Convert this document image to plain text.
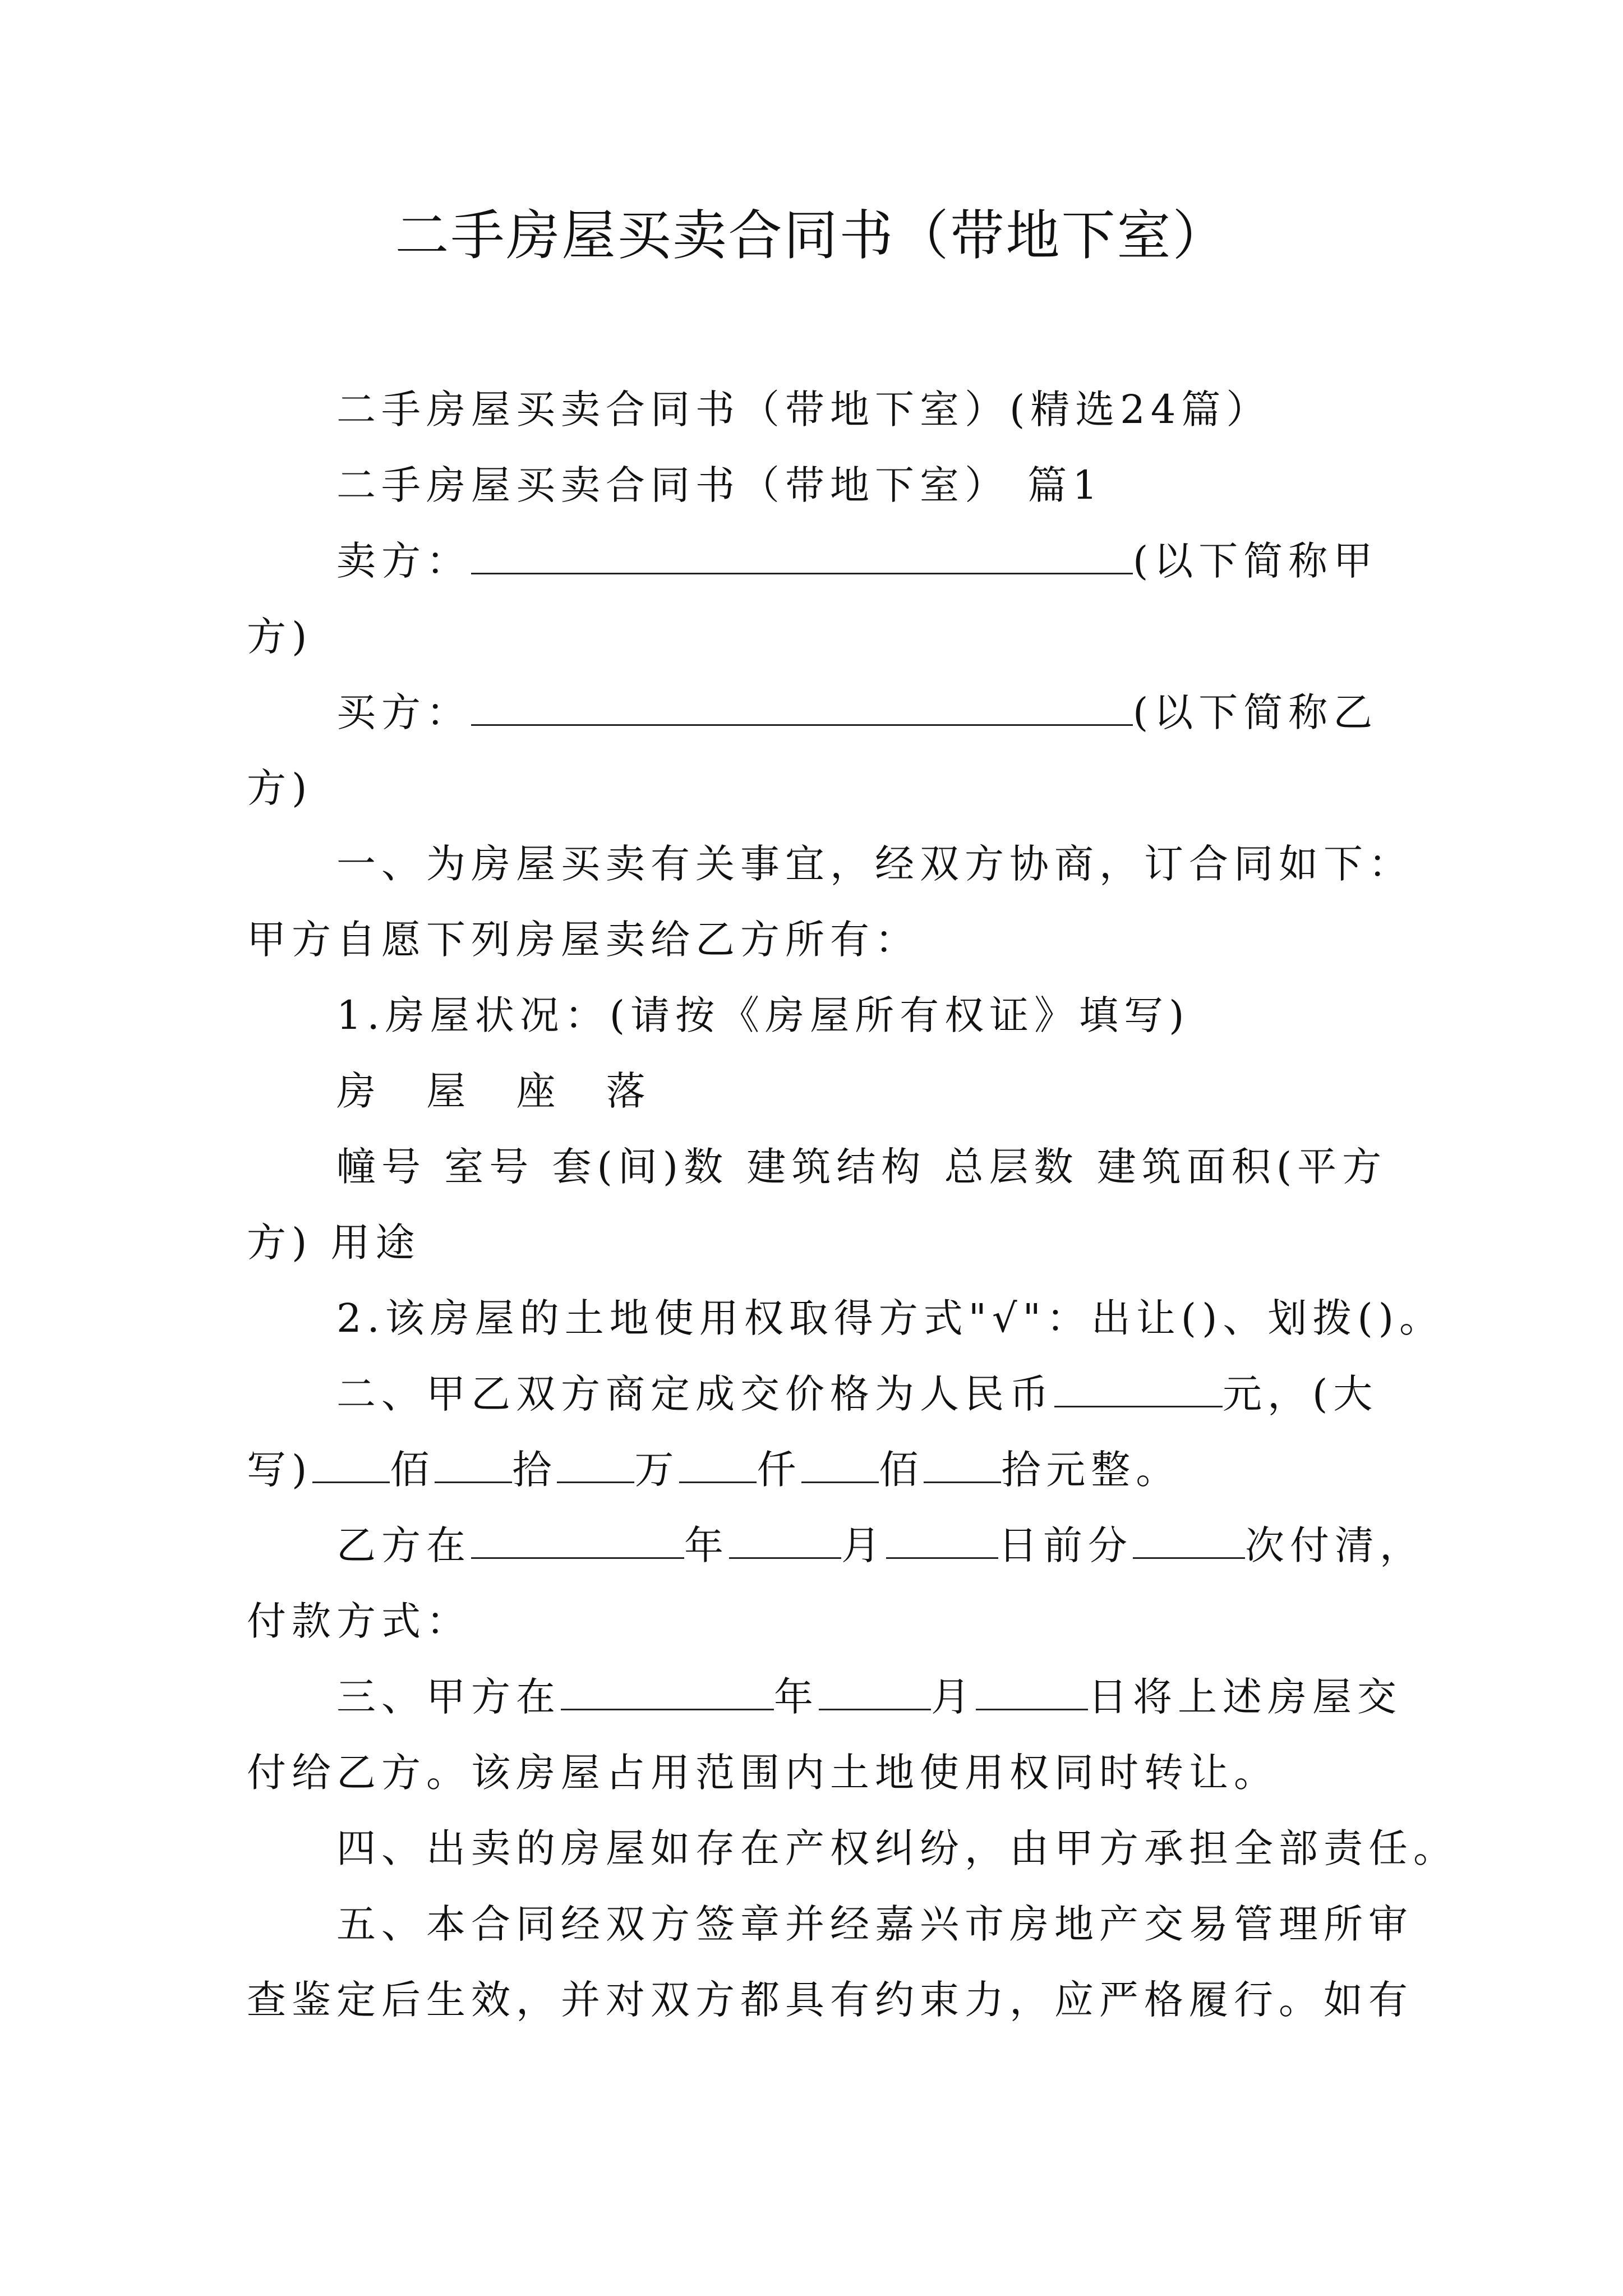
二手房屋买卖合同书（带地下室）
二手房屋买卖合同书（带地下室）(精选24篇）
二手房屋买卖合同书（带地下室） 篇1
卖方：	(以下简称甲
方)
买方：	(以下简称乙
方)
一、为房屋买卖有关事宜，经双方协商，订合同如下：
甲方自愿下列房屋卖给乙方所有：
1.房屋状况：(请按《房屋所有权证》填写)
房 屋 座 落
幢号 室号 套(间)数 建筑结构 总层数 建筑面积(平方
方) 用途
2.该房屋的土地使用权取得方式"√"：出让()、划拨()。
二、甲乙双方商定成交价格为人民币	元，(大
写) 佰 拾 万 仟 佰 拾元整。
乙方在	年	月	日前分	次付清，
付款方式：
三、甲方在	年	月	日将上述房屋交
付给乙方。该房屋占用范围内土地使用权同时转让。
四、出卖的房屋如存在产权纠纷，由甲方承担全部责任。
五、本合同经双方签章并经嘉兴市房地产交易管理所审
查鉴定后生效，并对双方都具有约束力，应严格履行。如有
